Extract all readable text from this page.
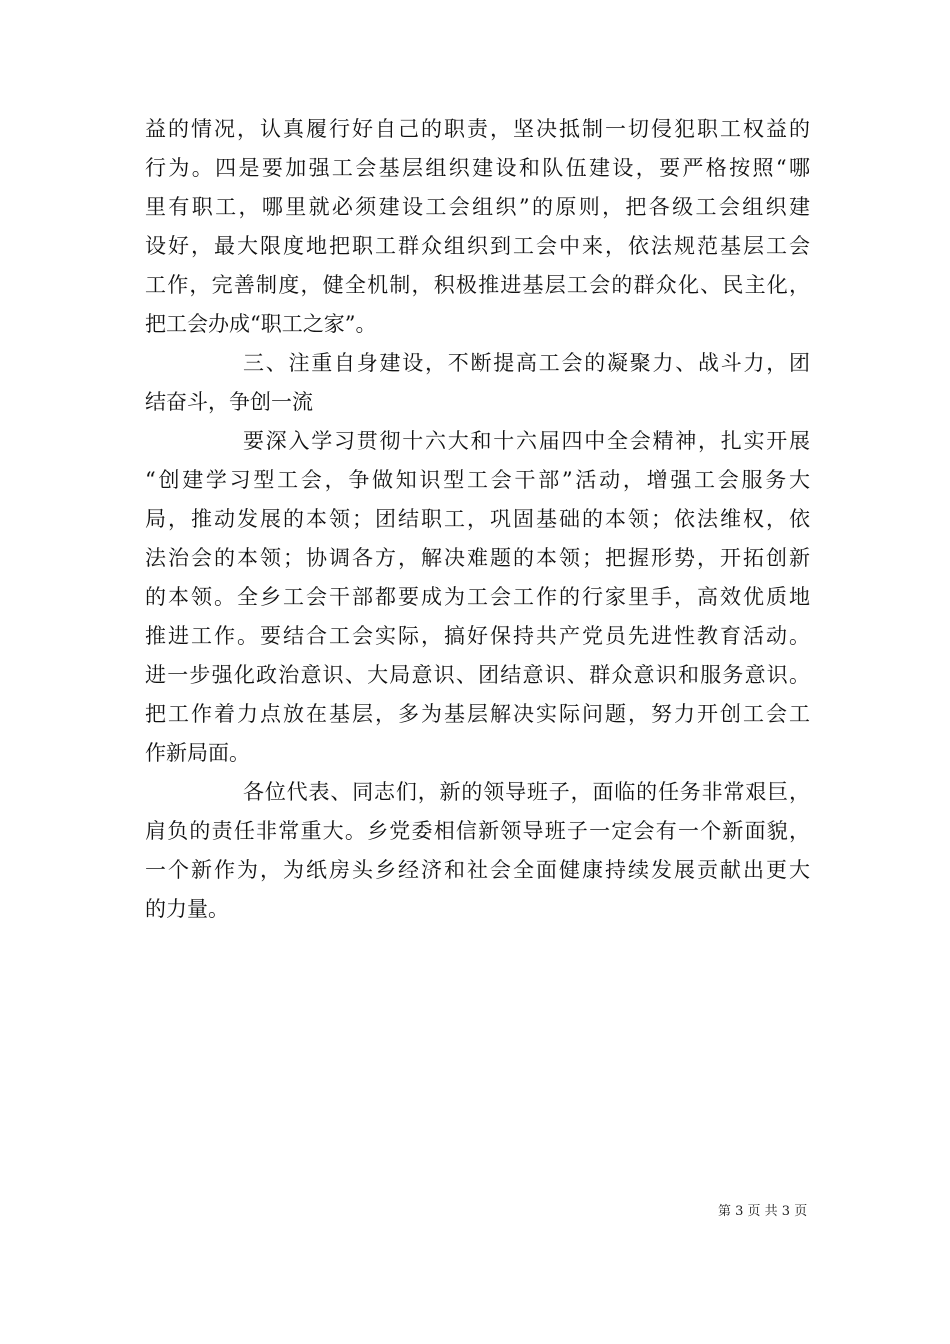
益的情况，认真履行好自己的职责，坚决抵制一切侵犯职工权益的
行为。四是要加强工会基层组织建设和队伍建设，要严格按照“哪
里有职工，哪里就必须建设工会组织”的原则，把各级工会组织建
设好，最大限度地把职工群众组织到工会中来，依法规范基层工会
工作，完善制度，健全机制，积极推进基层工会的群众化、民主化，
把工会办成“职工之家”。
三、注重自身建设，不断提高工会的凝聚力、战斗力，团
结奋斗，争创一流
要深入学习贯彻十六大和十六届四中全会精神，扎实开展
“创建学习型工会，争做知识型工会干部”活动，增强工会服务大
局，推动发展的本领；团结职工，巩固基础的本领；依法维权，依
法治会的本领；协调各方，解决难题的本领；把握形势，开拓创新
的本领。全乡工会干部都要成为工会工作的行家里手，高效优质地
推进工作。要结合工会实际，搞好保持共产党员先进性教育活动。
进一步强化政治意识、大局意识、团结意识、群众意识和服务意识。
把工作着力点放在基层，多为基层解决实际问题，努力开创工会工
作新局面。
各位代表、同志们，新的领导班子，面临的任务非常艰巨，
肩负的责任非常重大。乡党委相信新领导班子一定会有一个新面貌，
一个新作为，为纸房头乡经济和社会全面健康持续发展贡献出更大
的力量。
第 3 页 共 3 页
